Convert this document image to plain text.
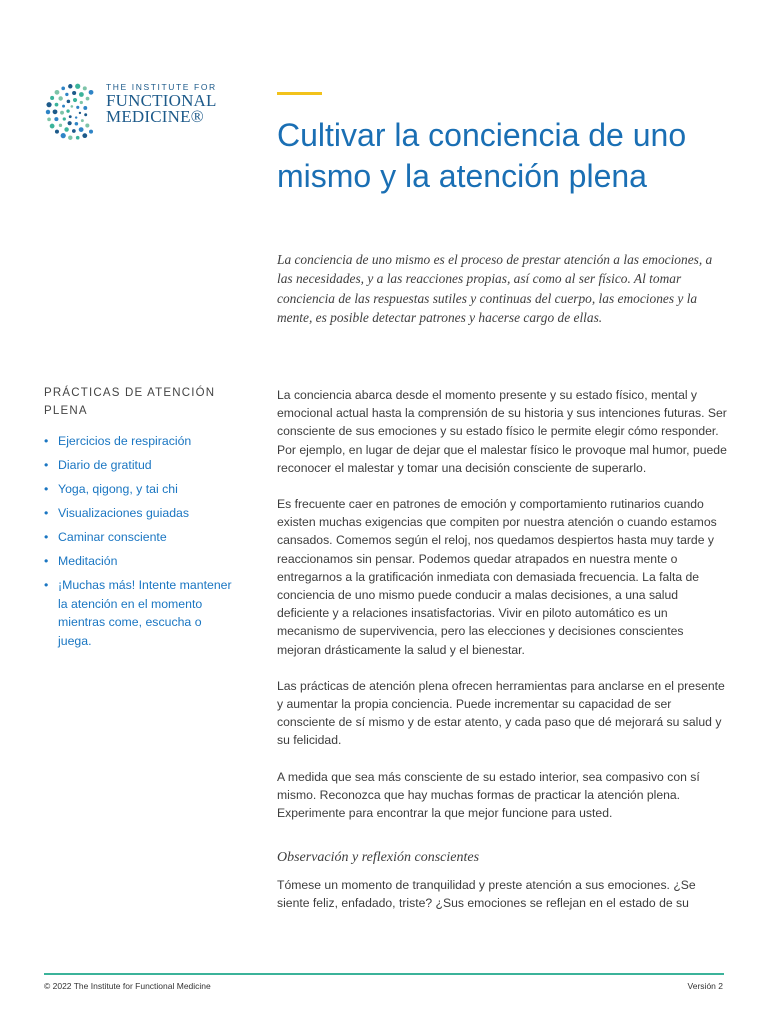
THE INSTITUTE FOR
FUNCTIONAL
MEDICINE®
Cultivar la conciencia de uno mismo y la atención plena

La conciencia de uno mismo es el proceso de prestar atención a las emociones, a las necesidades, y a las reacciones propias, así como al ser físico. Al tomar conciencia de las respuestas sutiles y continuas del cuerpo, las emociones y la mente, es posible detectar patrones y hacerse cargo de ellas.

PRÁCTICAS DE ATENCIÓN PLENA
• Ejercicios de respiración
• Diario de gratitud
• Yoga, qigong, y tai chi
• Visualizaciones guiadas
• Caminar consciente
• Meditación
• ¡Muchas más! Intente mantener la atención en el momento mientras come, escucha o juega.

La conciencia abarca desde el momento presente y su estado físico, mental y emocional actual hasta la comprensión de su historia y sus intenciones futuras. Ser consciente de sus emociones y su estado físico le permite elegir cómo responder. Por ejemplo, en lugar de dejar que el malestar físico le provoque mal humor, puede reconocer el malestar y tomar una decisión consciente de superarlo.

Es frecuente caer en patrones de emoción y comportamiento rutinarios cuando existen muchas exigencias que compiten por nuestra atención o cuando estamos cansados. Comemos según el reloj, nos quedamos despiertos hasta muy tarde y reaccionamos sin pensar. Podemos quedar atrapados en nuestra mente o entregarnos a la gratificación inmediata con demasiada frecuencia. La falta de conciencia de uno mismo puede conducir a malas decisiones, a una salud deficiente y a relaciones insatisfactorias. Vivir en piloto automático es un mecanismo de supervivencia, pero las elecciones y decisiones conscientes mejoran drásticamente la salud y el bienestar.

Las prácticas de atención plena ofrecen herramientas para anclarse en el presente y aumentar la propia conciencia. Puede incrementar su capacidad de ser consciente de sí mismo y de estar atento, y cada paso que dé mejorará su salud y su felicidad.

A medida que sea más consciente de su estado interior, sea compasivo con sí mismo. Reconozca que hay muchas formas de practicar la atención plena. Experimente para encontrar la que mejor funcione para usted.

Observación y reflexión conscientes

Tómese un momento de tranquilidad y preste atención a sus emociones. ¿Se siente feliz, enfadado, triste? ¿Sus emociones se reflejan en el estado de su

© 2022 The Institute for Functional Medicine	Versión 2
